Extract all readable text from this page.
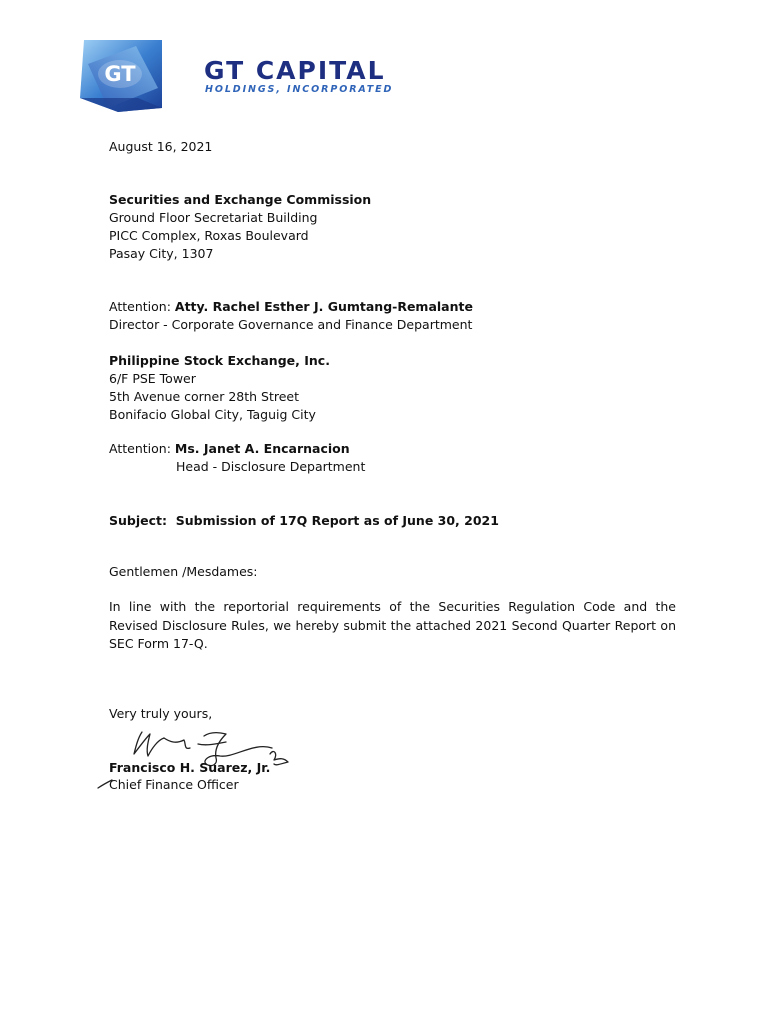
GT	GT CAPITAL
HOLDINGS, INCORPORATED
August 16, 2021
Securities and Exchange Commission
Ground Floor Secretariat Building
PICC Complex, Roxas Boulevard
Pasay City, 1307
Attention: Atty. Rachel Esther J. Gumtang-Remalante
Director - Corporate Governance and Finance Department
Philippine Stock Exchange, Inc.
6/F PSE Tower
5th Avenue corner 28th Street
Bonifacio Global City, Taguig City
Attention: Ms. Janet A. Encarnacion
Head - Disclosure Department
Subject: Submission of 17Q Report as of June 30, 2021
Gentlemen /Mesdames:
In line with the reportorial requirements of the Securities Regulation Code and the Revised Disclosure Rules, we hereby submit the attached 2021 Second Quarter Report on SEC Form 17-Q.
Very truly yours,
Francisco H. Suarez, Jr.
Chief Finance Officer
